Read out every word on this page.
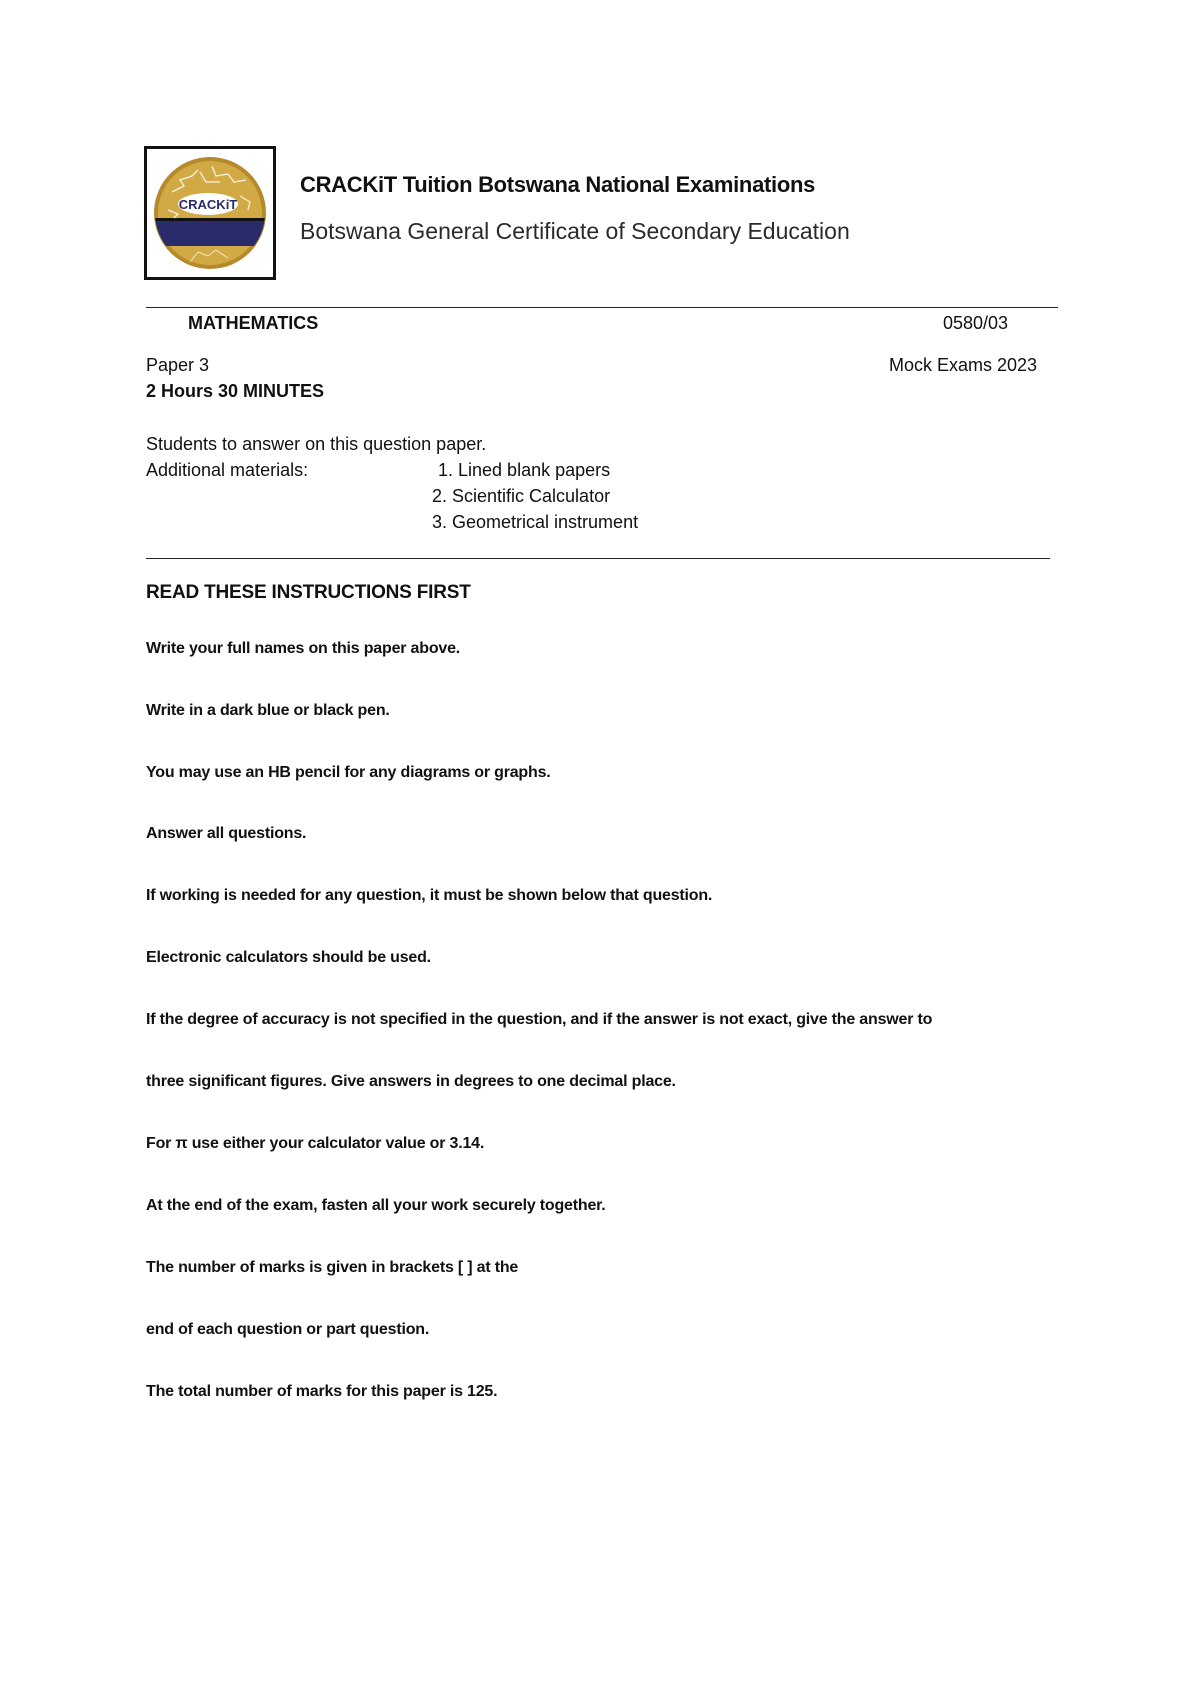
CRACKiT
CRACKiT Tuition Botswana National Examinations
Botswana General Certificate of Secondary Education
MATHEMATICS	0580/03
Paper 3	Mock Exams 2023
2 Hours 30 MINUTES
Students to answer on this question paper.
Additional materials:	1. Lined blank papers
2. Scientific Calculator
3. Geometrical instrument
READ THESE INSTRUCTIONS FIRST
Write your full names on this paper above.
Write in a dark blue or black pen.
You may use an HB pencil for any diagrams or graphs.
Answer all questions.
If working is needed for any question, it must be shown below that question.
Electronic calculators should be used.
If the degree of accuracy is not specified in the question, and if the answer is not exact, give the answer to
three significant figures. Give answers in degrees to one decimal place.
For π use either your calculator value or 3.14.
At the end of the exam, fasten all your work securely together.
The number of marks is given in brackets [ ] at the
end of each question or part question.
The total number of marks for this paper is 125.
